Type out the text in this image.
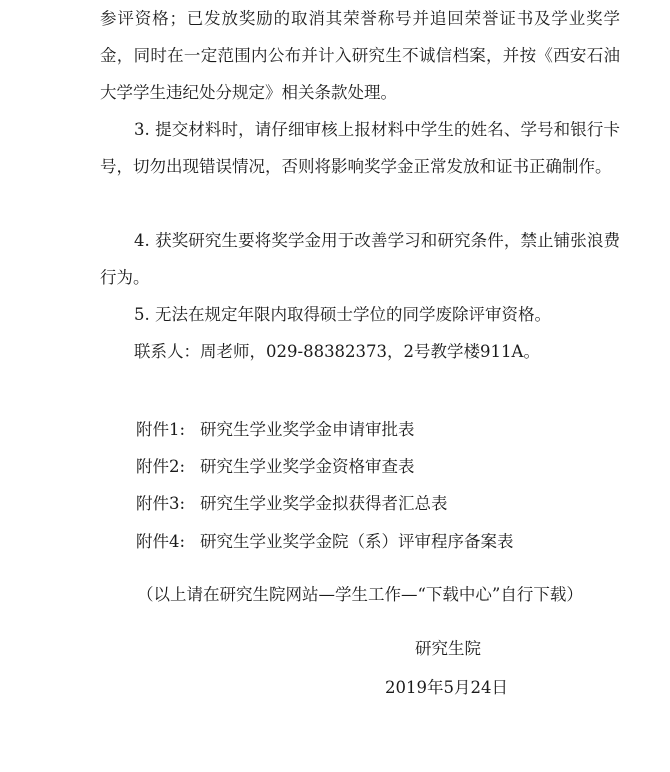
参评资格；已发放奖励的取消其荣誉称号并追回荣誉证书及学业奖学金，同时在一定范围内公布并计入研究生不诚信档案，并按《西安石油大学学生违纪处分规定》相关条款处理。

3. 提交材料时，请仔细审核上报材料中学生的姓名、学号和银行卡号，切勿出现错误情况，否则将影响奖学金正常发放和证书正确制作。

4. 获奖研究生要将奖学金用于改善学习和研究条件，禁止铺张浪费行为。

5. 无法在规定年限内取得硕士学位的同学废除评审资格。

联系人：周老师，029-88382373，2号教学楼911A。

附件1: 研究生学业奖学金申请审批表
附件2: 研究生学业奖学金资格审查表
附件3: 研究生学业奖学金拟获得者汇总表
附件4: 研究生学业奖学金院（系）评审程序备案表
（以上请在研究生院网站—学生工作—“下载中心”自行下载）
研究生院
2019年5月24日
